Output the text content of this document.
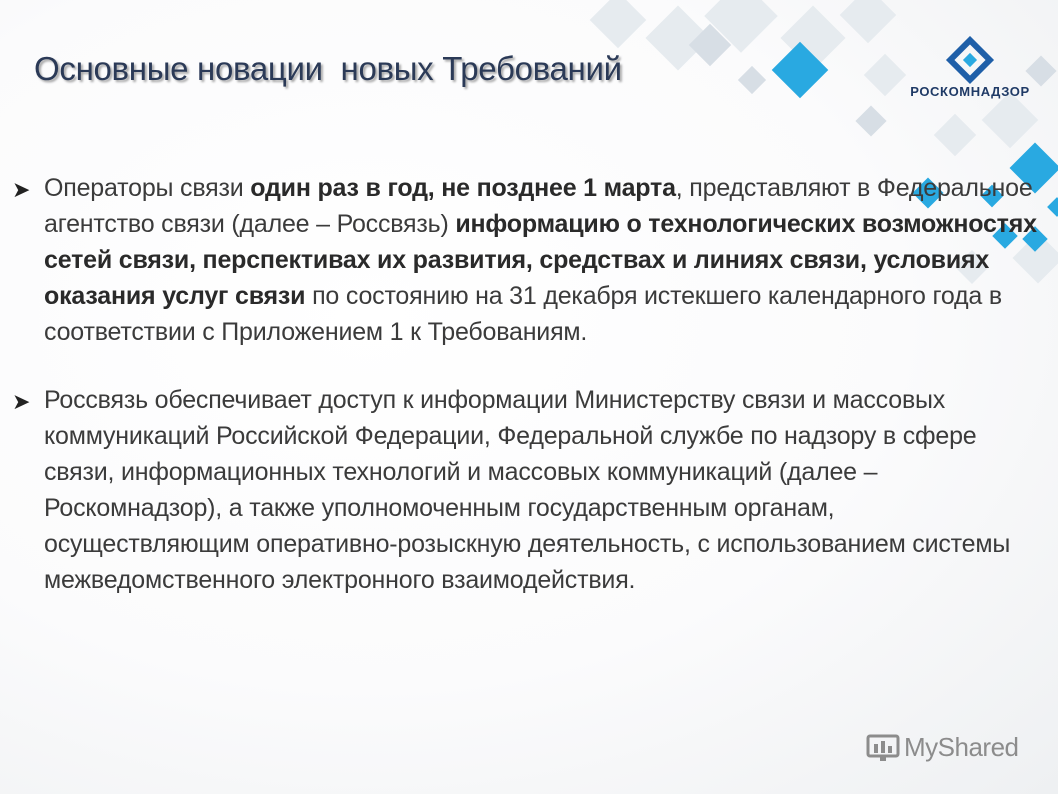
Основные новации  новых Требований
РОСКОМНАДЗОР
➤ Операторы связи один раз в год, не позднее 1 марта, представляют в Федеральное агентство связи (далее – Россвязь) информацию о технологических возможностях сетей связи, перспективах их развития, средствах и линиях связи, условиях оказания услуг связи по состоянию на 31 декабря истекшего календарного года в соответствии с Приложением 1 к Требованиям.
➤ Россвязь обеспечивает доступ к информации Министерству связи и массовых коммуникаций Российской Федерации, Федеральной службе по надзору в сфере связи, информационных технологий и массовых коммуникаций (далее – Роскомнадзор), а также уполномоченным государственным органам, осуществляющим оперативно-розыскную деятельность, с использованием системы межведомственного электронного взаимодействия.
MyShared
